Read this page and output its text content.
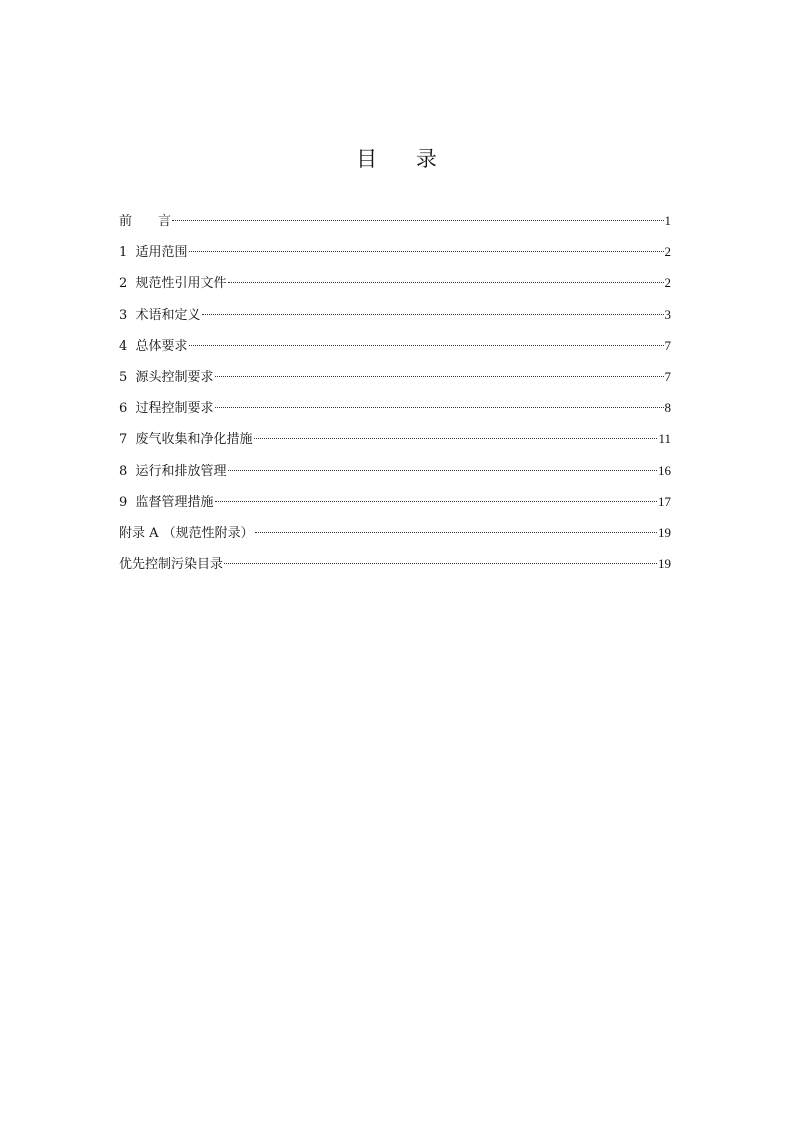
目 录
前　　言	1
1  适用范围	2
2  规范性引用文件	2
3  术语和定义	3
4  总体要求	7
5  源头控制要求	7
6  过程控制要求	8
7  废气收集和净化措施	11
8  运行和排放管理	16
9  监督管理措施	17
附录 A （规范性附录）	19
优先控制污染目录	19
